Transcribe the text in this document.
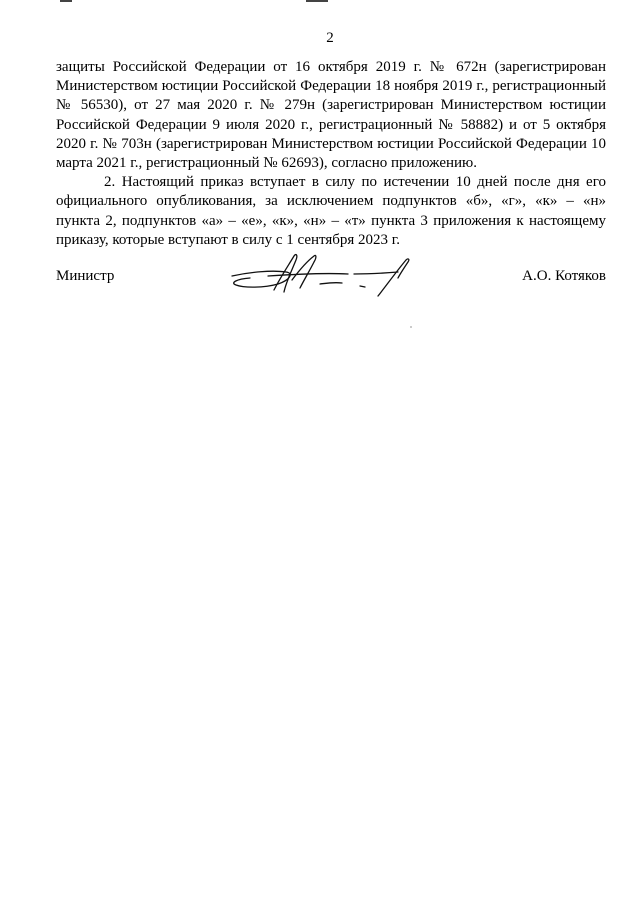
2

защиты Российской Федерации от 16 октября 2019 г. № 672н (зарегистрирован Министерством юстиции Российской Федерации 18 ноября 2019 г., регистрационный № 56530), от 27 мая 2020 г. № 279н (зарегистрирован Министерством юстиции Российской Федерации 9 июля 2020 г., регистрационный № 58882) и от 5 октября 2020 г. № 703н (зарегистрирован Министерством юстиции Российской Федерации 10 марта 2021 г., регистрационный № 62693), согласно приложению.

2. Настоящий приказ вступает в силу по истечении 10 дней после дня его официального опубликования, за исключением подпунктов «б», «г», «к» – «н» пункта 2, подпунктов «а» – «е», «к», «н» – «т» пункта 3 приложения к настоящему приказу, которые вступают в силу с 1 сентября 2023 г.

Министр	А.О. Котяков
